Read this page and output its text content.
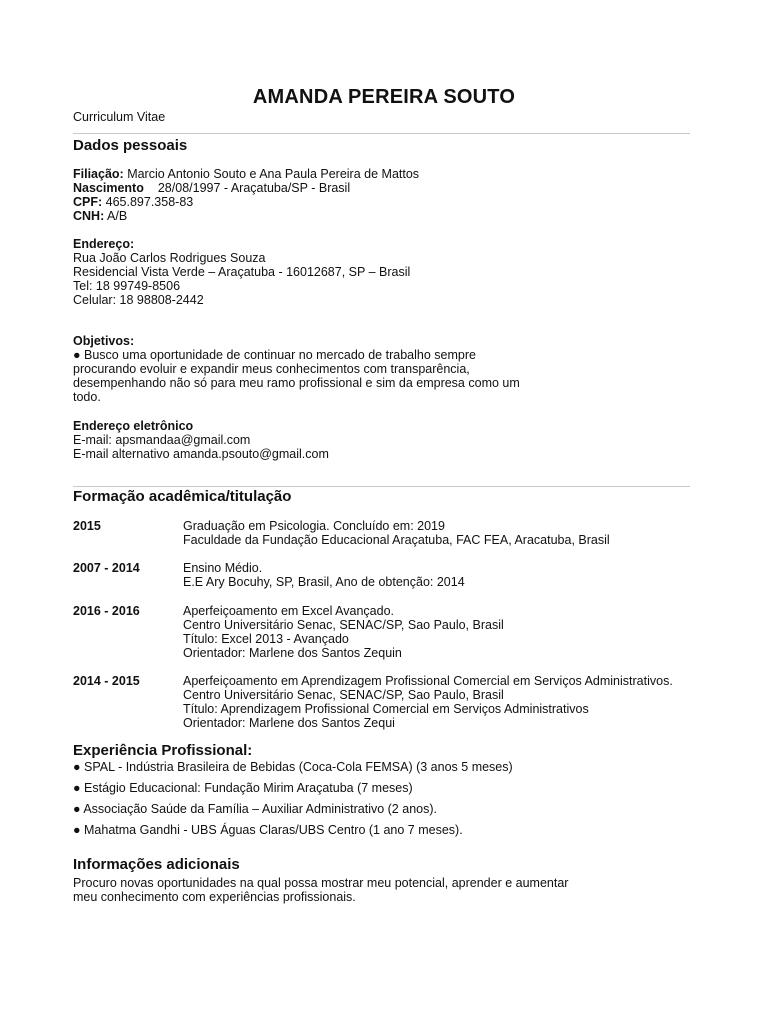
AMANDA PEREIRA SOUTO
Curriculum Vitae
Dados pessoais

Filiação: Marcio Antonio Souto e Ana Paula Pereira de Mattos

Nascimento 28/08/1997 - Araçatuba/SP - Brasil

CPF: 465.897.358-83

CNH: A/B

Endereço:

Rua João Carlos Rodrigues Souza

Residencial Vista Verde – Araçatuba - 16012687, SP – Brasil

Tel: 18 99749-8506

Celular: 18 98808-2442

Objetivos:

● Busco uma oportunidade de continuar no mercado de trabalho sempre

procurando evoluir e expandir meus conhecimentos com transparência,

desempenhando não só para meu ramo profissional e sim da empresa como um

todo.

Endereço eletrônico

E-mail: apsmandaa@gmail.com

E-mail alternativo amanda.psouto@gmail.com

Formação acadêmica/titulação
2015	Graduação em Psicologia. Concluído em: 2019

Faculdade da Fundação Educacional Araçatuba, FAC FEA, Aracatuba, Brasil

2007 - 2014	Ensino Médio.

E.E Ary Bocuhy, SP, Brasil, Ano de obtenção: 2014

2016 - 2016	Aperfeiçoamento em Excel Avançado.

Centro Universitário Senac, SENAC/SP, Sao Paulo, Brasil

Título: Excel 2013 - Avançado

Orientador: Marlene dos Santos Zequin

2014 - 2015	Aperfeiçoamento em Aprendizagem Profissional Comercial em Serviços Administrativos.

Centro Universitário Senac, SENAC/SP, Sao Paulo, Brasil

Título: Aprendizagem Profissional Comercial em Serviços Administrativos

Orientador: Marlene dos Santos Zequi

Experiência Profissional:
● SPAL - Indústria Brasileira de Bebidas (Coca-Cola FEMSA) (3 anos 5 meses)
● Estágio Educacional: Fundação Mirim Araçatuba (7 meses)
● Associação Saúde da Família – Auxiliar Administrativo (2 anos).
● Mahatma Gandhi - UBS Águas Claras/UBS Centro (1 ano 7 meses).
Informações adicionais

Procuro novas oportunidades na qual possa mostrar meu potencial, aprender e aumentar

meu conhecimento com experiências profissionais.
